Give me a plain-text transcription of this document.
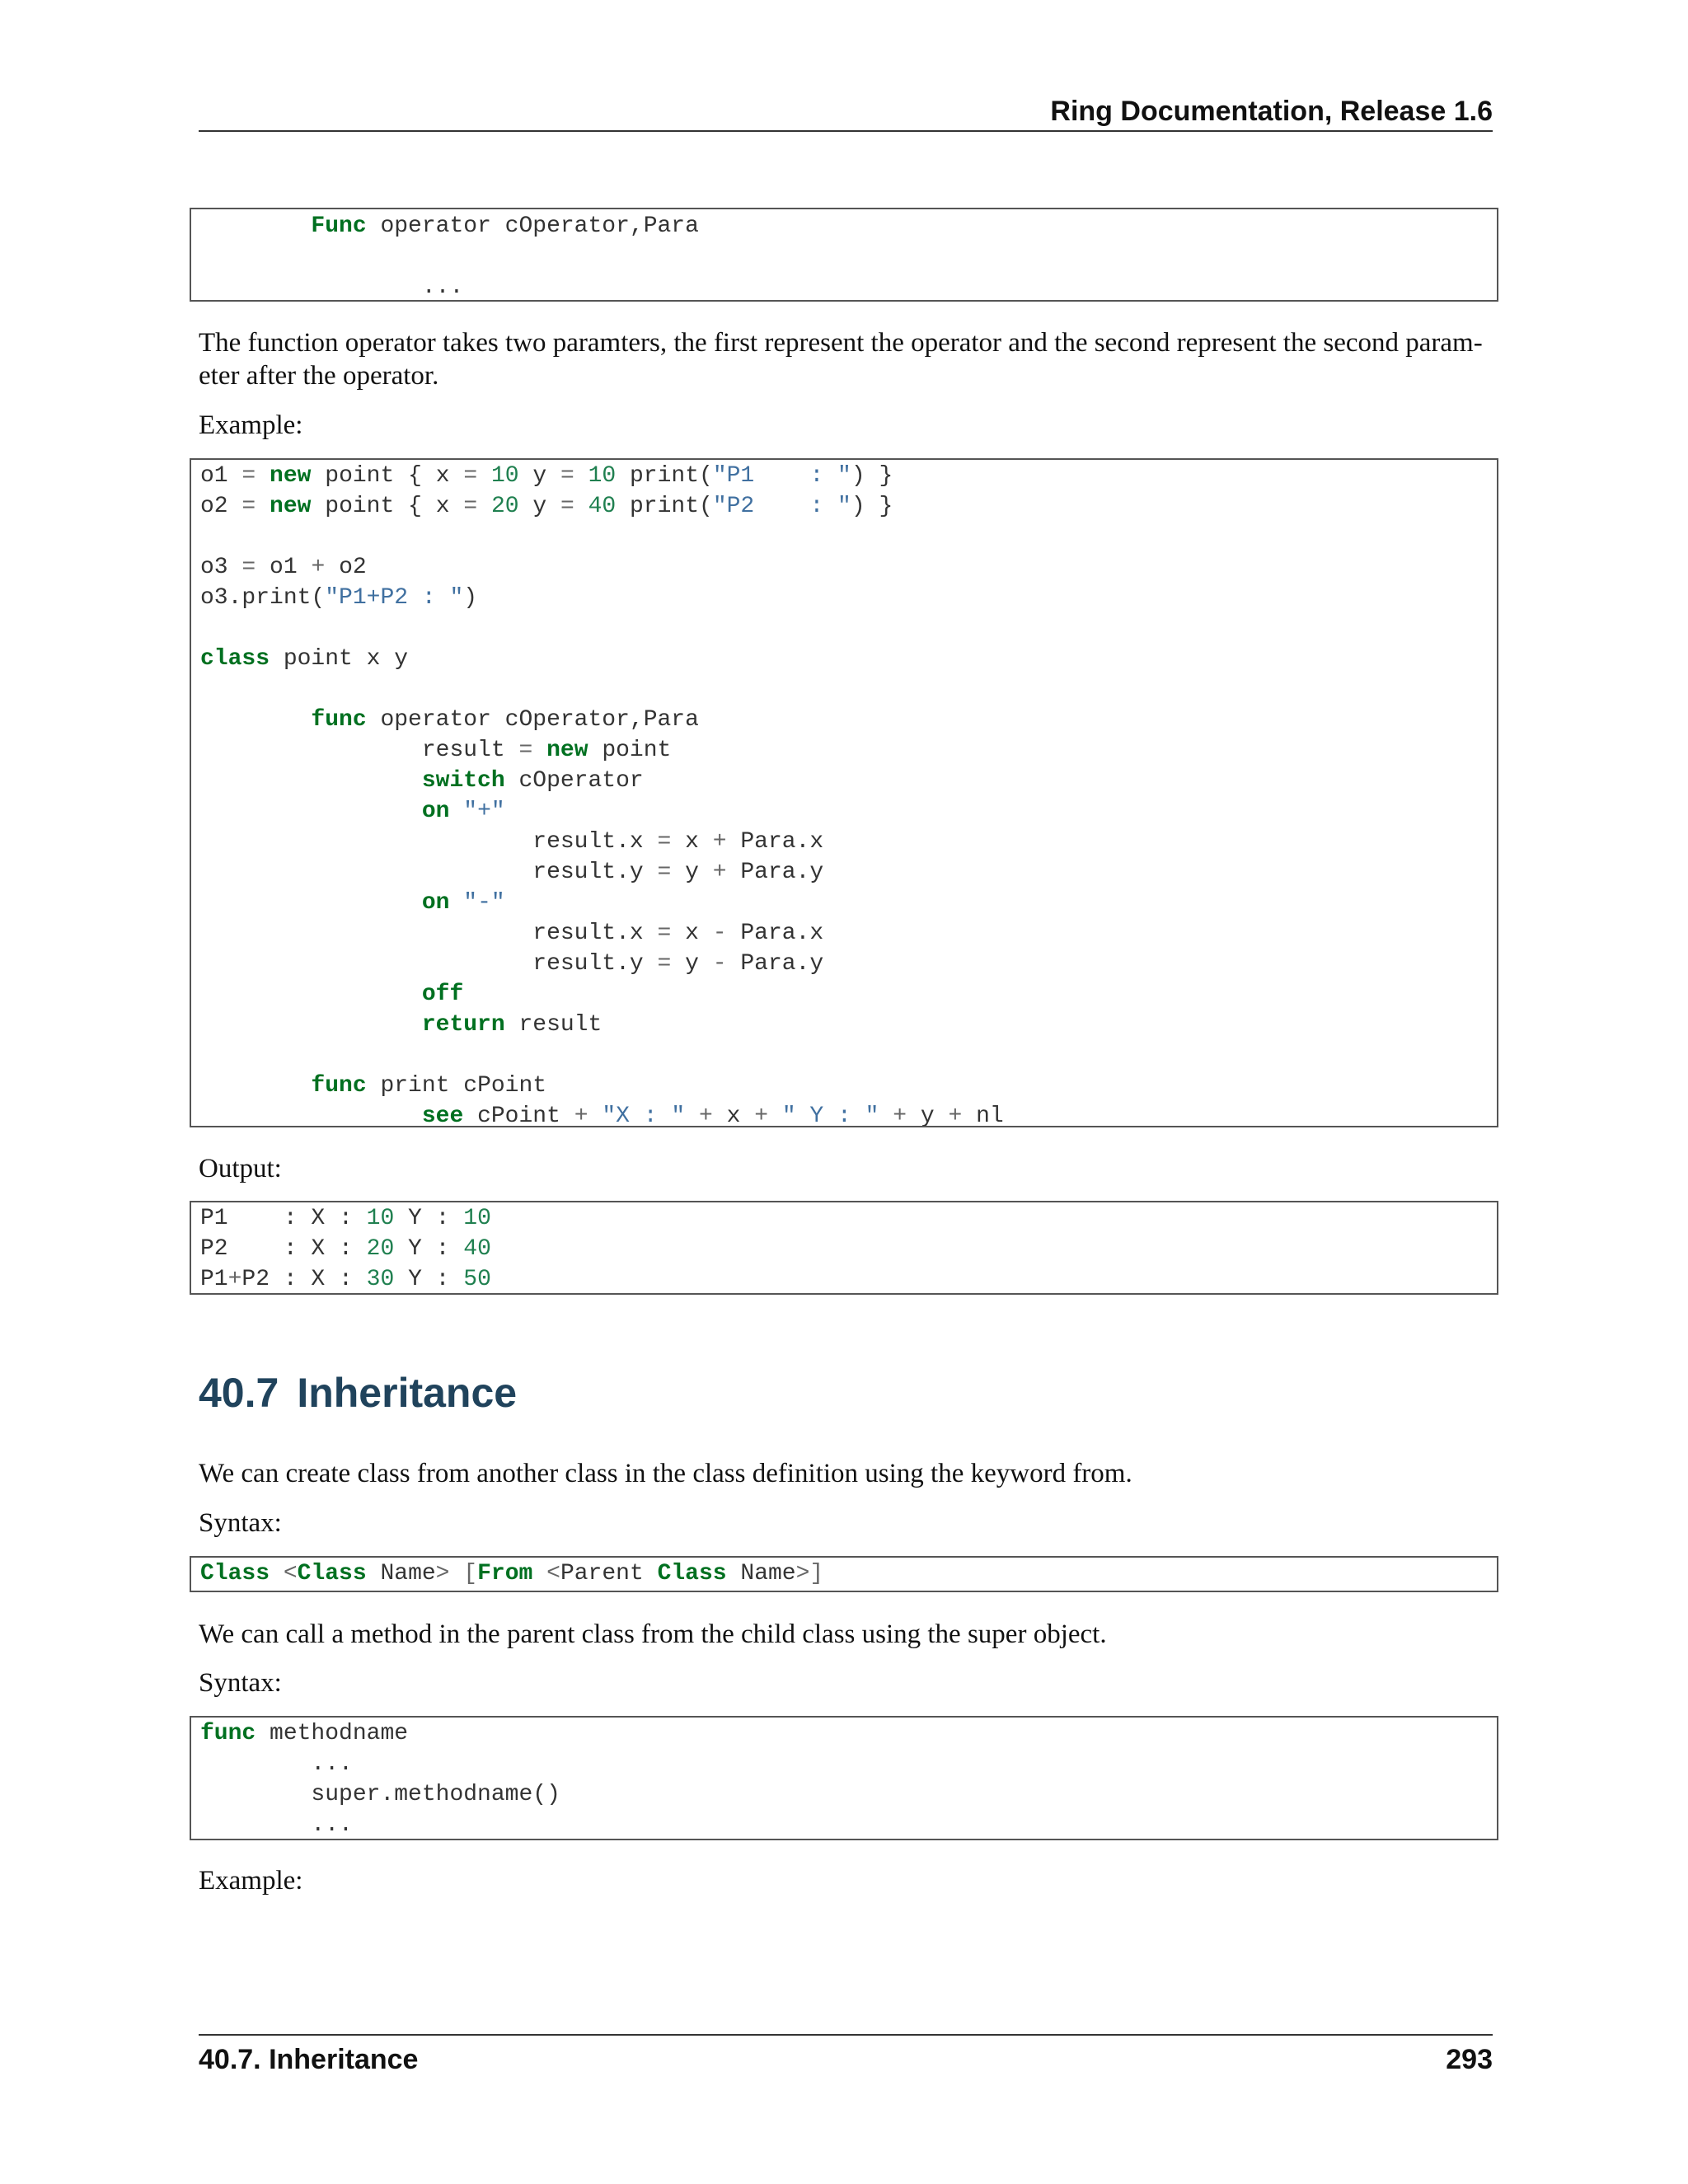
Ring Documentation, Release 1.6
Func operator cOperator,Para
...

The function operator takes two paramters, the first represent the operator and the second represent the second param- eter after the operator.

Example:

o1 = new point { x = 10 y = 10 print("P1    : ") }
o2 = new point { x = 20 y = 40 print("P2    : ") }
o3 = o1 + o2
o3.print("P1+P2 : ")
class point x y
func operator cOperator,Para
result = new point
switch cOperator
on "+"
result.x = x + Para.x
result.y = y + Para.y
on "-"
result.x = x - Para.x
result.y = y - Para.y
off
return result
func print cPoint
see cPoint + "X : " + x + " Y : " + y + nl

Output:

P1    : X : 10 Y : 10
P2    : X : 20 Y : 40
P1+P2 : X : 30 Y : 50
40.7 Inheritance

We can create class from another class in the class definition using the keyword from.

Syntax:

Class <Class Name> [From <Parent Class Name>]

We can call a method in the parent class from the child class using the super object.

Syntax:

func methodname
...
super.methodname()
...

Example:

40.7. Inheritance	293
